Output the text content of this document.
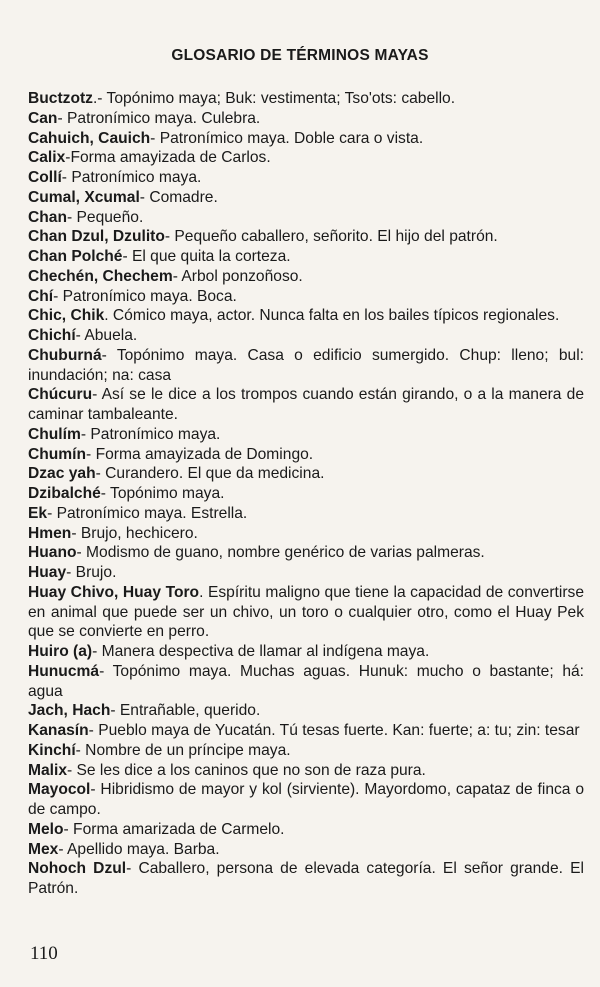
GLOSARIO DE TÉRMINOS MAYAS

Buctzotz.- Topónimo maya; Buk: vestimenta; Tso'ots: cabello.

Can- Patronímico maya. Culebra.

Cahuich, Cauich- Patronímico maya. Doble cara o vista.

Calix-Forma amayizada de Carlos.

Collí- Patronímico maya.

Cumal, Xcumal- Comadre.

Chan- Pequeño.

Chan Dzul, Dzulito- Pequeño caballero, señorito. El hijo del patrón.

Chan Polché- El que quita la corteza.

Chechén, Chechem- Arbol ponzoñoso.

Chí- Patronímico maya. Boca.

Chic, Chik. Cómico maya, actor. Nunca falta en los bailes típicos regionales.

Chichí- Abuela.

Chuburná- Topónimo maya. Casa o edificio sumergido. Chup: lleno; bul: inundación; na: casa

Chúcuru- Así se le dice a los trompos cuando están girando, o a la manera de caminar tambaleante.

Chulím- Patronímico maya.

Chumín- Forma amayizada de Domingo.

Dzac yah- Curandero. El que da medicina.

Dzibalché- Topónimo maya.

Ek- Patronímico maya. Estrella.

Hmen- Brujo, hechicero.

Huano- Modismo de guano, nombre genérico de varias palmeras.

Huay- Brujo.

Huay Chivo, Huay Toro. Espíritu maligno que tiene la capacidad de convertirse en animal que puede ser un chivo, un toro o cualquier otro, como el Huay Pek que se convierte en perro.

Huiro (a)- Manera despectiva de llamar al indígena maya.

Hunucmá- Topónimo maya. Muchas aguas. Hunuk: mucho o bastante; há: agua

Jach, Hach- Entrañable, querido.

Kanasín- Pueblo maya de Yucatán. Tú tesas fuerte. Kan: fuerte; a: tu; zin: tesar

Kinchí- Nombre de un príncipe maya.

Malix- Se les dice a los caninos que no son de raza pura.

Mayocol- Hibridismo de mayor y kol (sirviente). Mayordomo, capataz de finca o de campo.

Melo- Forma amarizada de Carmelo.

Mex- Apellido maya. Barba.

Nohoch Dzul- Caballero, persona de elevada categoría. El señor grande. El Patrón.

110
